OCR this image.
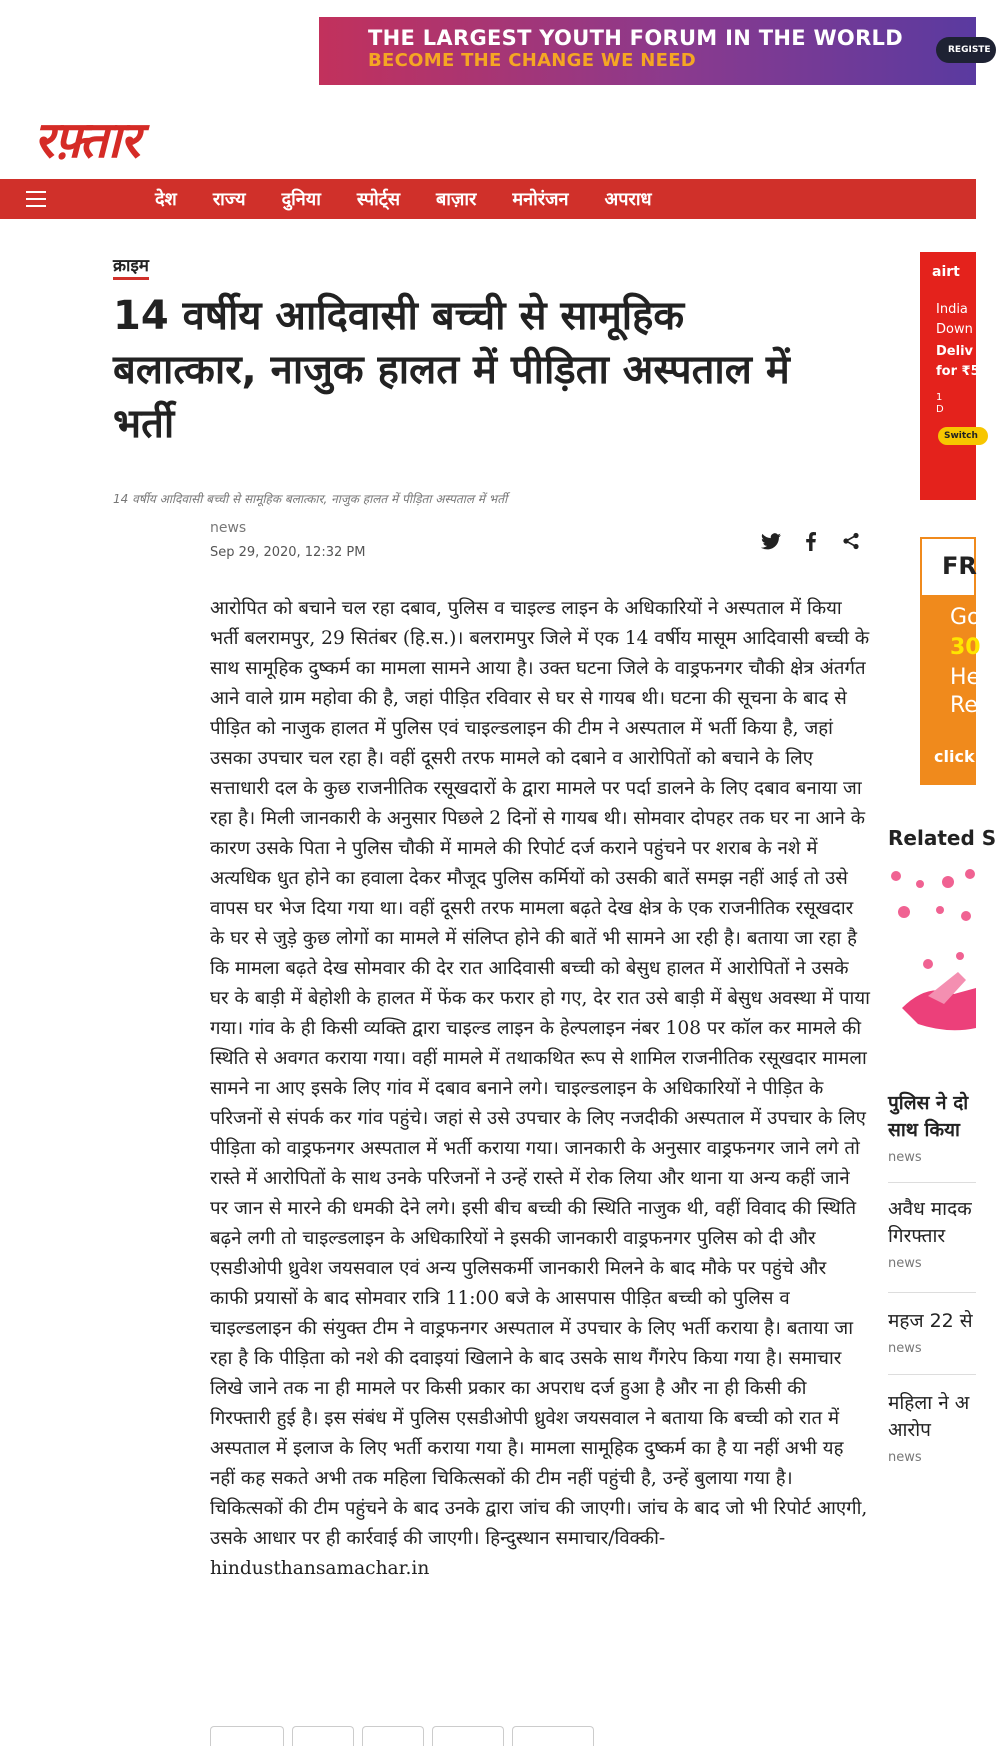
THE LARGEST YOUTH FORUM IN THE WORLD
BECOME THE CHANGE WE NEED	REGISTE
रफ़्तार
देश राज्य दुनिया स्पोर्ट्स बाज़ार मनोरंजन अपराध
क्राइम
14 वर्षीय आदिवासी बच्ची से सामूहिक बलात्कार, नाजुक हालत में पीड़िता अस्पताल में भर्ती
14 वर्षीय आदिवासी बच्ची से सामूहिक बलात्कार, नाजुक हालत में पीड़िता अस्पताल में भर्ती
news
Sep 29, 2020, 12:32 PM
आरोपित को बचाने चल रहा दबाव, पुलिस व चाइल्ड लाइन के अधिकारियों ने अस्पताल में किया भर्ती बलरामपुर, 29 सितंबर (हि.स.)। बलरामपुर जिले में एक 14 वर्षीय मासूम आदिवासी बच्ची के साथ सामूहिक दुष्कर्म का मामला सामने आया है। उक्त घटना जिले के वाड्रफनगर चौकी क्षेत्र अंतर्गत आने वाले ग्राम महोवा की है, जहां पीड़ित रविवार से घर से गायब थी। घटना की सूचना के बाद से पीड़ित को नाजुक हालत में पुलिस एवं चाइल्डलाइन की टीम ने अस्पताल में भर्ती किया है, जहां उसका उपचार चल रहा है। वहीं दूसरी तरफ मामले को दबाने व आरोपितों को बचाने के लिए सत्ताधारी दल के कुछ राजनीतिक रसूखदारों के द्वारा मामले पर पर्दा डालने के लिए दबाव बनाया जा रहा है। मिली जानकारी के अनुसार पिछले 2 दिनों से गायब थी। सोमवार दोपहर तक घर ना आने के कारण उसके पिता ने पुलिस चौकी में मामले की रिपोर्ट दर्ज कराने पहुंचने पर शराब के नशे में अत्यधिक धुत होने का हवाला देकर मौजूद पुलिस कर्मियों को उसकी बातें समझ नहीं आई तो उसे वापस घर भेज दिया गया था। वहीं दूसरी तरफ मामला बढ़ते देख क्षेत्र के एक राजनीतिक रसूखदार के घर से जुड़े कुछ लोगों का मामले में संलिप्त होने की बातें भी सामने आ रही है। बताया जा रहा है कि मामला बढ़ते देख सोमवार की देर रात आदिवासी बच्ची को बेसुध हालत में आरोपितों ने उसके घर के बाड़ी में बेहोशी के हालत में फेंक कर फरार हो गए, देर रात उसे बाड़ी में बेसुध अवस्था में पाया गया। गांव के ही किसी व्यक्ति द्वारा चाइल्ड लाइन के हेल्पलाइन नंबर 108 पर कॉल कर मामले की स्थिति से अवगत कराया गया। वहीं मामले में तथाकथित रूप से शामिल राजनीतिक रसूखदार मामला सामने ना आए इसके लिए गांव में दबाव बनाने लगे। चाइल्डलाइन के अधिकारियों ने पीड़ित के परिजनों से संपर्क कर गांव पहुंचे। जहां से उसे उपचार के लिए नजदीकी अस्पताल में उपचार के लिए पीड़िता को वाड्रफनगर अस्पताल में भर्ती कराया गया। जानकारी के अनुसार वाड्रफनगर जाने लगे तो रास्ते में आरोपितों के साथ उनके परिजनों ने उन्हें रास्ते में रोक लिया और थाना या अन्य कहीं जाने पर जान से मारने की धमकी देने लगे। इसी बीच बच्ची की स्थिति नाजुक थी, वहीं विवाद की स्थिति बढ़ने लगी तो चाइल्डलाइन के अधिकारियों ने इसकी जानकारी वाड्रफनगर पुलिस को दी और एसडीओपी ध्रुवेश जयसवाल एवं अन्य पुलिसकर्मी जानकारी मिलने के बाद मौके पर पहुंचे और काफी प्रयासों के बाद सोमवार रात्रि 11:00 बजे के आसपास पीड़ित बच्ची को पुलिस व चाइल्डलाइन की संयुक्त टीम ने वाड्रफनगर अस्पताल में उपचार के लिए भर्ती कराया है। बताया जा रहा है कि पीड़िता को नशे की दवाइयां खिलाने के बाद उसके साथ गैंगरेप किया गया है। समाचार लिखे जाने तक ना ही मामले पर किसी प्रकार का अपराध दर्ज हुआ है और ना ही किसी की गिरफ्तारी हुई है। इस संबंध में पुलिस एसडीओपी ध्रुवेश जयसवाल ने बताया कि बच्ची को रात में अस्पताल में इलाज के लिए भर्ती कराया गया है। मामला सामूहिक दुष्कर्म का है या नहीं अभी यह नहीं कह सकते अभी तक महिला चिकित्सकों की टीम नहीं पहुंची है, उन्हें बुलाया गया है। चिकित्सकों की टीम पहुंचने के बाद उनके द्वारा जांच की जाएगी। जांच के बाद जो भी रिपोर्ट आएगी, उसके आधार पर ही कार्रवाई की जाएगी। हिन्दुस्थान समाचार/विक्की-hindusthansamachar.in
airt
India
Down
Deliv
for ₹5
1
D
Switch
FR
Go
30
He
Re
click
Related S
पुलिस ने दो
साथ किया
news
अवैध मादक
गिरफ्तार
news
महज 22 से
news
महिला ने अ
आरोप
news
